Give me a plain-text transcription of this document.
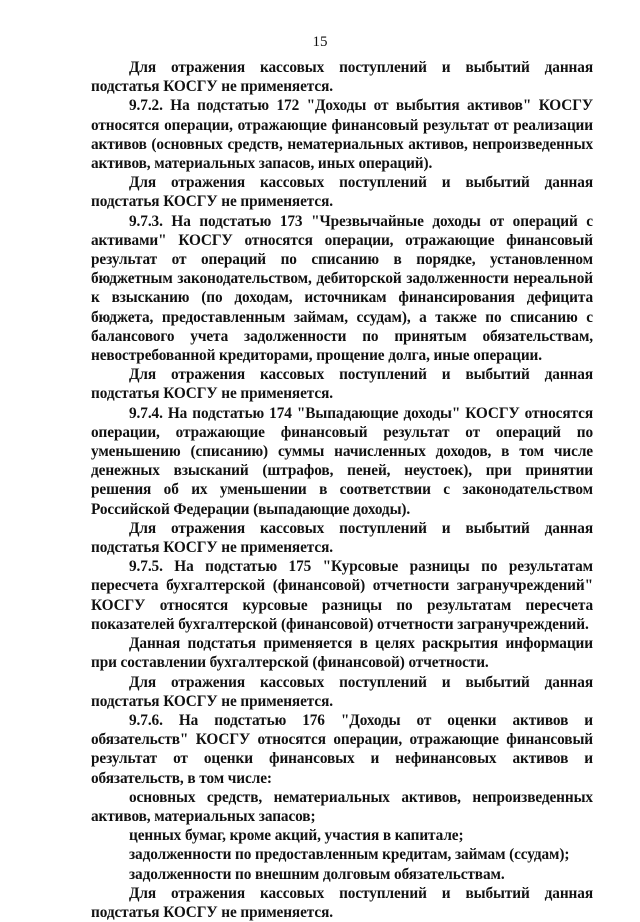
15

Для отражения кассовых поступлений и выбытий данная подстатья КОСГУ не применяется.

9.7.2. На подстатью 172 "Доходы от выбытия активов" КОСГУ относятся операции, отражающие финансовый результат от реализации активов (основных средств, нематериальных активов, непроизведенных активов, материальных запасов, иных операций).

Для отражения кассовых поступлений и выбытий данная подстатья КОСГУ не применяется.

9.7.3. На подстатью 173 "Чрезвычайные доходы от операций с активами" КОСГУ относятся операции, отражающие финансовый результат от операций по списанию в порядке, установленном бюджетным законодательством, дебиторской задолженности нереальной к взысканию (по доходам, источникам финансирования дефицита бюджета, предоставленным займам, ссудам), а также по списанию с балансового учета задолженности по принятым обязательствам, невостребованной кредиторами, прощение долга, иные операции.

Для отражения кассовых поступлений и выбытий данная подстатья КОСГУ не применяется.

9.7.4. На подстатью 174 "Выпадающие доходы" КОСГУ относятся операции, отражающие финансовый результат от операций по уменьшению (списанию) суммы начисленных доходов, в том числе денежных взысканий (штрафов, пеней, неустоек), при принятии решения об их уменьшении в соответствии с законодательством Российской Федерации (выпадающие доходы).

Для отражения кассовых поступлений и выбытий данная подстатья КОСГУ не применяется.

9.7.5. На подстатью 175 "Курсовые разницы по результатам пересчета бухгалтерской (финансовой) отчетности загранучреждений" КОСГУ относятся курсовые разницы по результатам пересчета показателей бухгалтерской (финансовой) отчетности загранучреждений.

Данная подстатья применяется в целях раскрытия информации при составлении бухгалтерской (финансовой) отчетности.

Для отражения кассовых поступлений и выбытий данная подстатья КОСГУ не применяется.

9.7.6. На подстатью 176 "Доходы от оценки активов и обязательств" КОСГУ относятся операции, отражающие финансовый результат от оценки финансовых и нефинансовых активов и обязательств, в том числе:

основных средств, нематериальных активов, непроизведенных активов, материальных запасов;

ценных бумаг, кроме акций, участия в капитале;

задолженности по предоставленным кредитам, займам (ссудам);

задолженности по внешним долговым обязательствам.

Для отражения кассовых поступлений и выбытий данная подстатья КОСГУ не применяется.
